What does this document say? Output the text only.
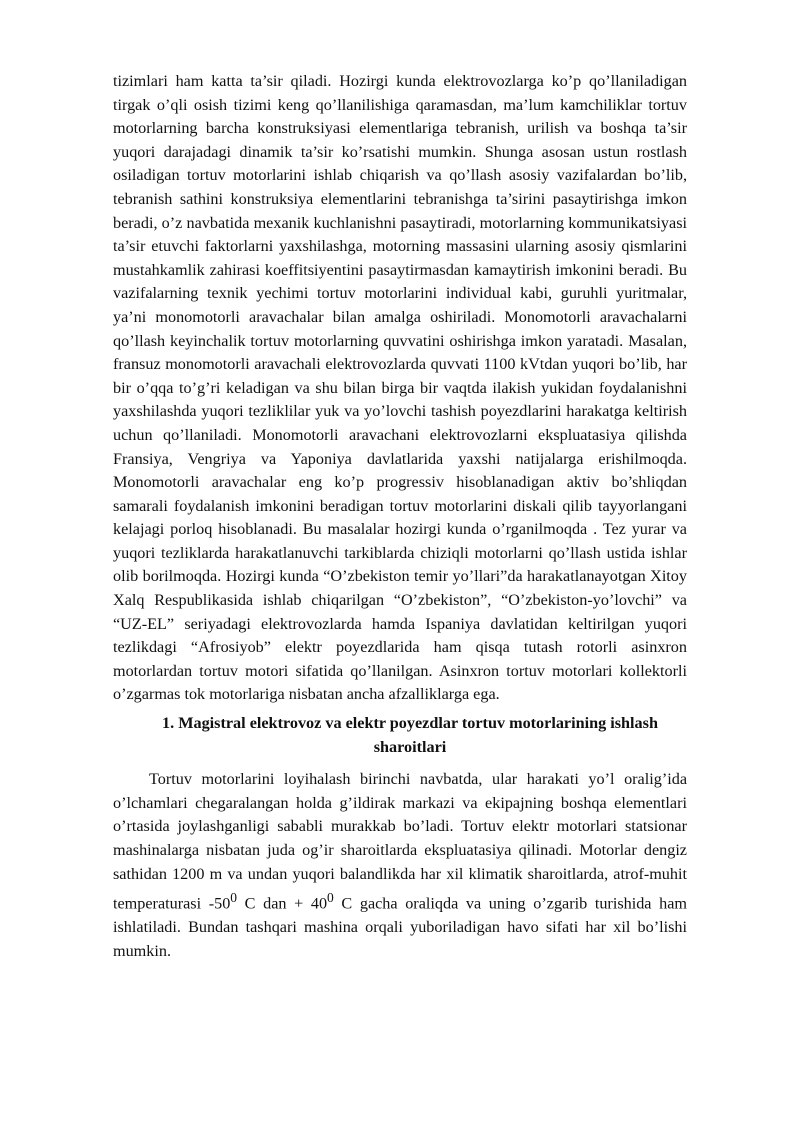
tizimlari ham katta ta’sir qiladi. Hozirgi kunda elektrovozlarga ko’p qo’llaniladigan tirgak o’qli osish tizimi keng qo’llanilishiga qaramasdan, ma’lum kamchiliklar tortuv motorlarning barcha konstruksiyasi elementlariga tebranish, urilish va boshqa ta’sir yuqori darajadagi dinamik ta’sir ko’rsatishi mumkin. Shunga asosan ustun rostlash osiladigan tortuv motorlarini ishlab chiqarish va qo’llash asosiy vazifalardan bo’lib, tebranish sathini konstruksiya elementlarini tebranishga ta’sirini pasaytirishga imkon beradi, o’z navbatida mexanik kuchlanishni pasaytiradi, motorlarning kommunikatsiyasi ta’sir etuvchi faktorlarni yaxshilashga, motorning massasini ularning asosiy qismlarini mustahkamlik zahirasi koeffitsiyentini pasaytirmasdan kamaytirish imkonini beradi. Bu vazifalarning texnik yechimi tortuv motorlarini individual kabi, guruhli yuritmalar, ya’ni monomotorli aravachalar bilan amalga oshiriladi. Monomotorli aravachalarni qo’llash keyinchalik tortuv motorlarning quvvatini oshirishga imkon yaratadi. Masalan, fransuz monomotorli aravachali elektrovozlarda quvvati 1100 kVtdan yuqori bo’lib, har bir o’qqa to’g’ri keladigan va shu bilan birga bir vaqtda ilakish yukidan foydalanishni yaxshilashda yuqori tezliklilar yuk va yo’lovchi tashish poyezdlarini harakatga keltirish uchun qo’llaniladi. Monomotorli aravachani elektrovozlarni ekspluatasiya qilishda Fransiya, Vengriya va Yaponiya davlatlarida yaxshi natijalarga erishilmoqda. Monomotorli aravachalar eng ko’p progressiv hisoblanadigan aktiv bo’shliqdan samarali foydalanish imkonini beradigan tortuv motorlarini diskali qilib tayyorlangani kelajagi porloq hisoblanadi. Bu masalalar hozirgi kunda o’rganilmoqda . Tez yurar va yuqori tezliklarda harakatlanuvchi tarkiblarda chiziqli motorlarni qo’llash ustida ishlar olib borilmoqda. Hozirgi kunda “O’zbekiston temir yo’llari”da harakatlanayotgan Xitoy Xalq Respublikasida ishlab chiqarilgan “O’zbekiston”, “O’zbekiston-yo’lovchi” va “UZ-EL” seriyadagi elektrovozlarda hamda Ispaniya davlatidan keltirilgan yuqori tezlikdagi “Afrosiyob” elektr poyezdlarida ham qisqa tutash rotorli asinxron motorlardan tortuv motori sifatida qo’llanilgan. Asinxron tortuv motorlari kollektorli o’zgarmas tok motorlariga nisbatan ancha afzalliklarga ega.

1. Magistral elektrovoz va elektr poyezdlar tortuv motorlarining ishlash sharoitlari

Tortuv motorlarini loyihalash birinchi navbatda, ular harakati yo’l oralig’ida o’lchamlari chegaralangan holda g’ildirak markazi va ekipajning boshqa elementlari o’rtasida joylashganligi sababli murakkab bo’ladi. Tortuv elektr motorlari statsionar mashinalarga nisbatan juda og’ir sharoitlarda ekspluatasiya qilinadi. Motorlar dengiz sathidan 1200 m va undan yuqori balandlikda har xil klimatik sharoitlarda, atrof-muhit temperaturasi $-50^0$ C dan + $40^0$ C gacha oraliqda va uning o’zgarib turishida ham ishlatiladi. Bundan tashqari mashina orqali yuboriladigan havo sifati har xil bo’lishi mumkin.
